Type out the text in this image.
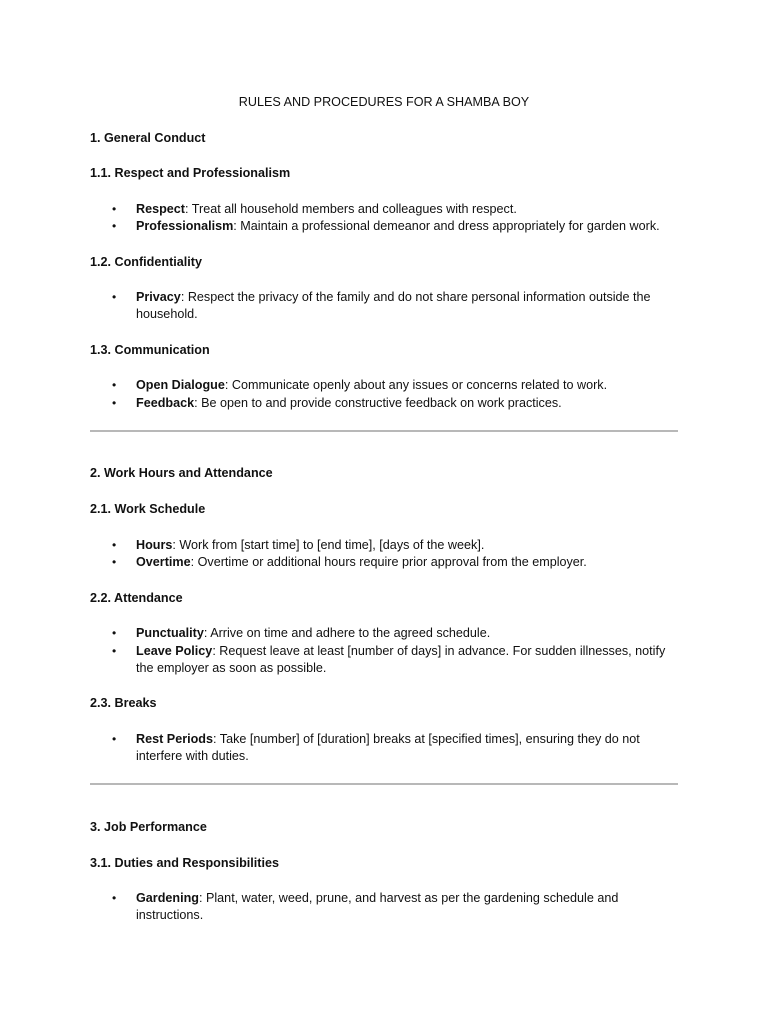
RULES AND PROCEDURES FOR A SHAMBA BOY
1. General Conduct
1.1. Respect and Professionalism
• Respect: Treat all household members and colleagues with respect.
• Professionalism: Maintain a professional demeanor and dress appropriately for garden work.
1.2. Confidentiality
• Privacy: Respect the privacy of the family and do not share personal information outside the
household.
1.3. Communication
• Open Dialogue: Communicate openly about any issues or concerns related to work.
• Feedback: Be open to and provide constructive feedback on work practices.
2. Work Hours and Attendance
2.1. Work Schedule
• Hours: Work from [start time] to [end time], [days of the week].
• Overtime: Overtime or additional hours require prior approval from the employer.
2.2. Attendance
• Punctuality: Arrive on time and adhere to the agreed schedule.
• Leave Policy: Request leave at least [number of days] in advance. For sudden illnesses, notify
the employer as soon as possible.
2.3. Breaks
• Rest Periods: Take [number] of [duration] breaks at [specified times], ensuring they do not
interfere with duties.
3. Job Performance
3.1. Duties and Responsibilities
• Gardening: Plant, water, weed, prune, and harvest as per the gardening schedule and
instructions.
